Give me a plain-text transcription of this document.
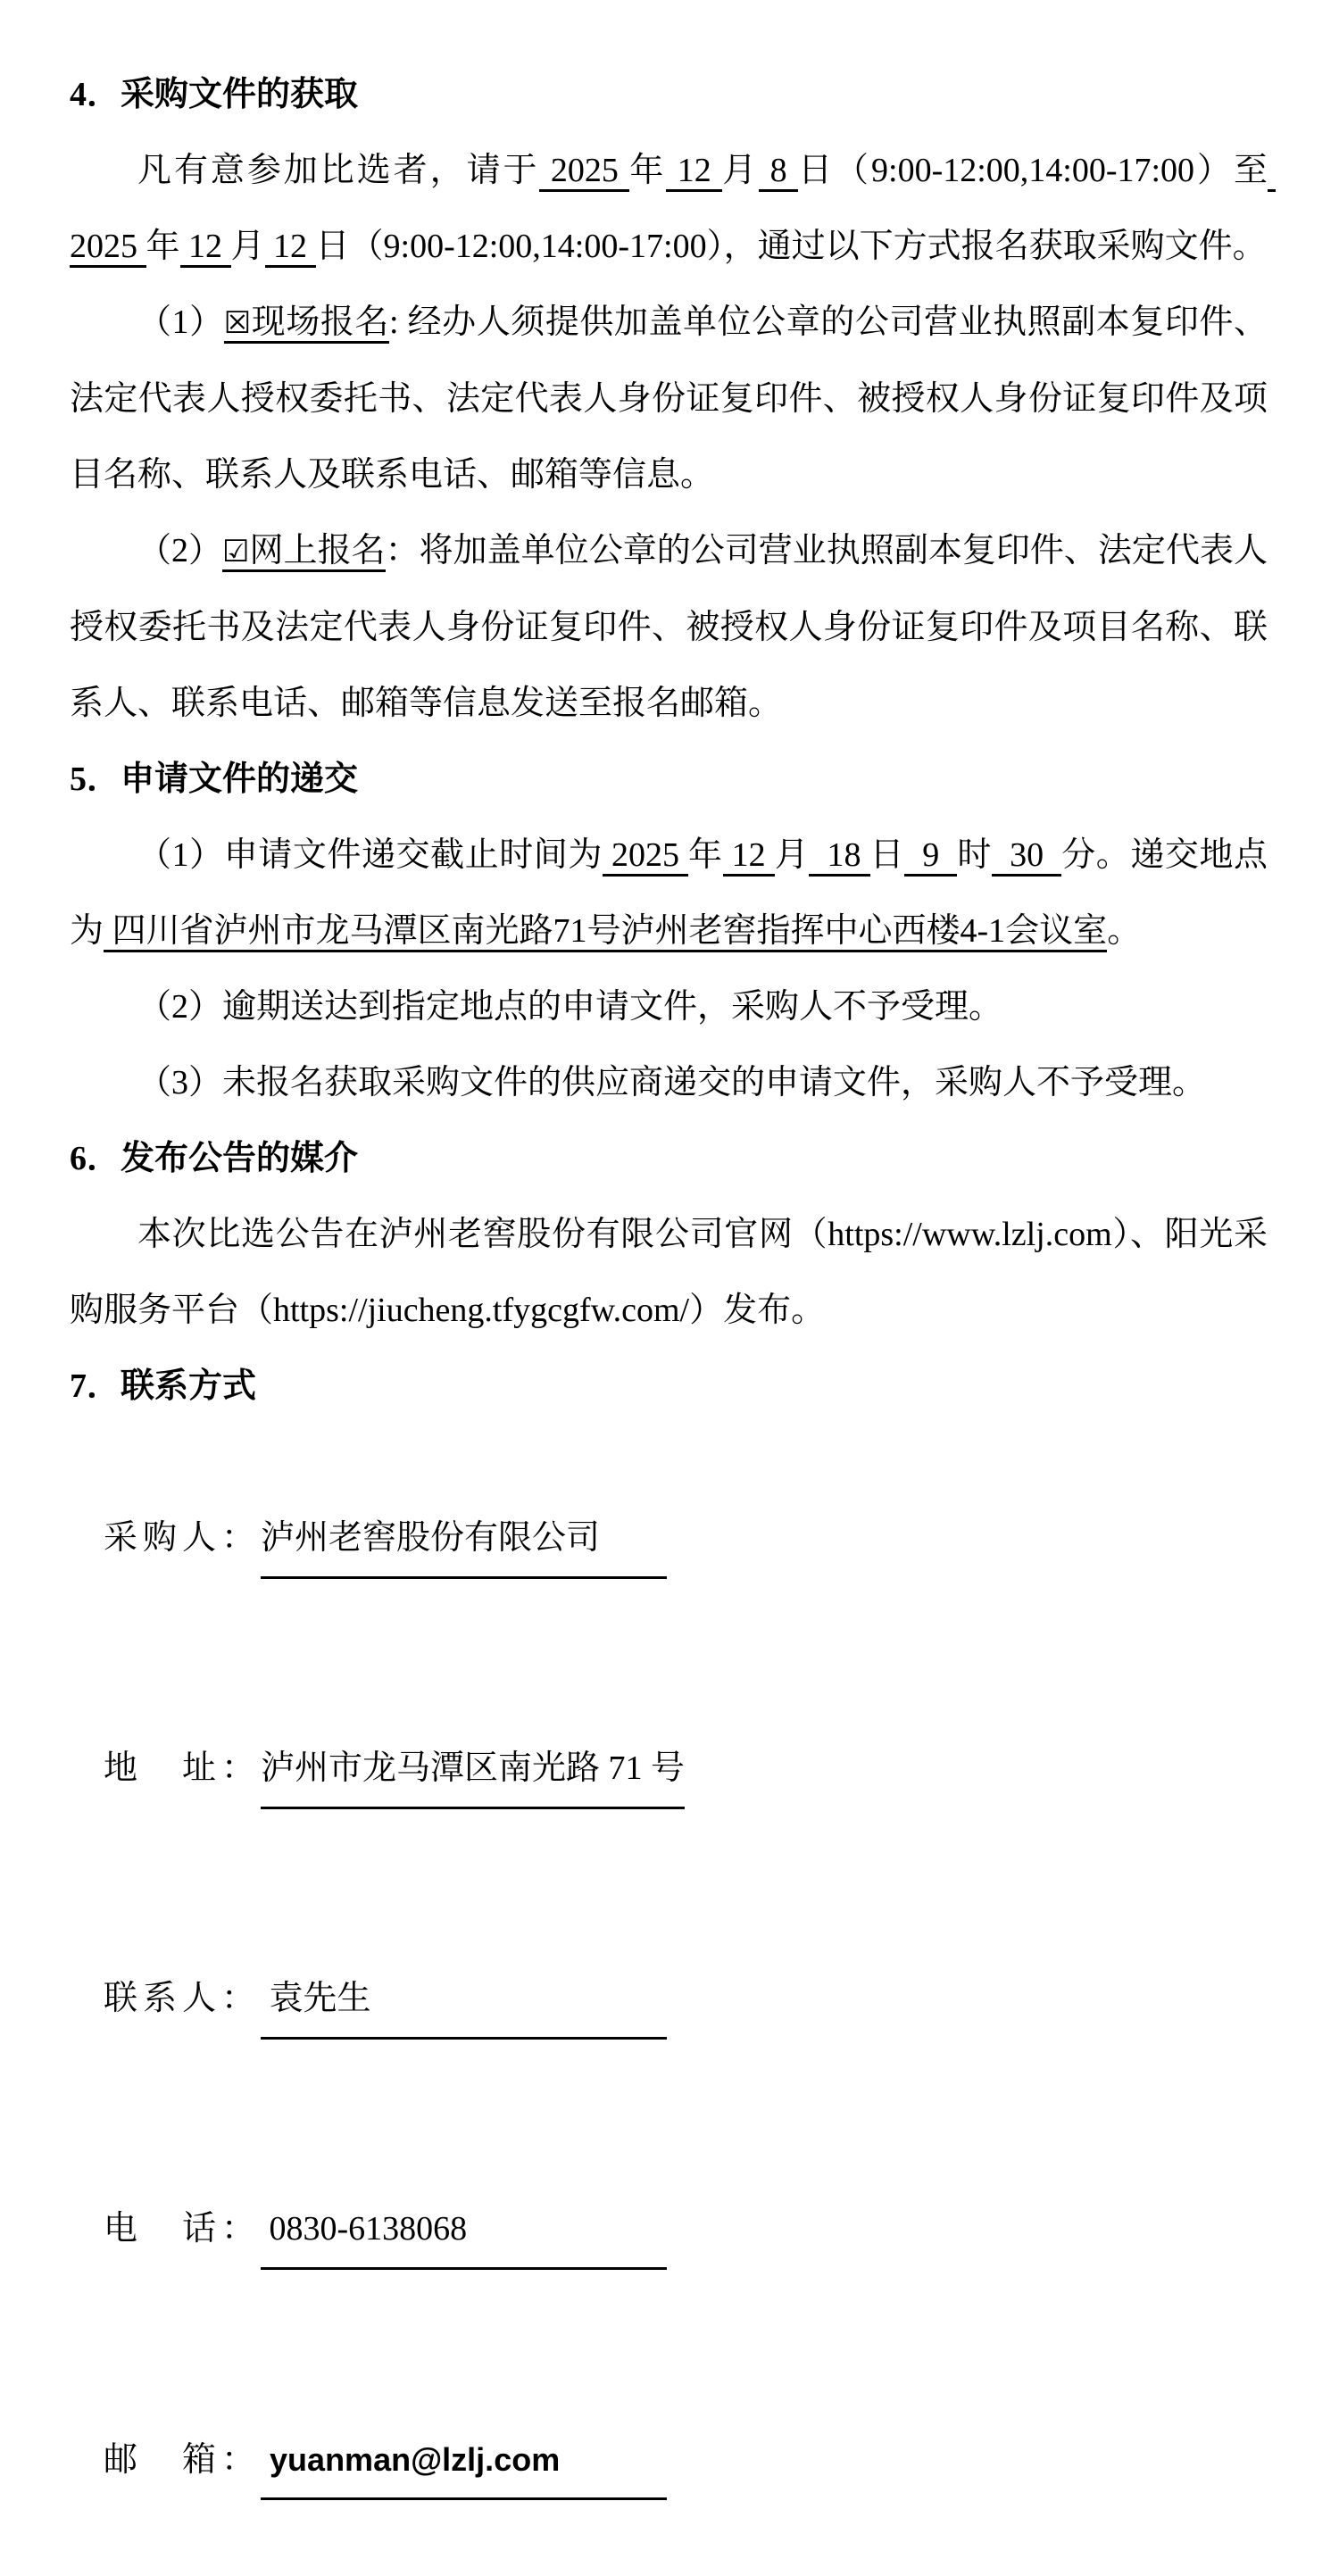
4．采购文件的获取

凡有意参加比选者，请于 2025 年 12 月 8 日（9:00-12:00,14:00-17:00）至 2025 年 12 月 12 日（9:00-12:00,14:00-17:00），通过以下方式报名获取采购文件。

（1）☒现场报名: 经办人须提供加盖单位公章的公司营业执照副本复印件、法定代表人授权委托书、法定代表人身份证复印件、被授权人身份证复印件及项目名称、联系人及联系电话、邮箱等信息。

（2）☑网上报名：将加盖单位公章的公司营业执照副本复印件、法定代表人授权委托书及法定代表人身份证复印件、被授权人身份证复印件及项目名称、联系人、联系电话、邮箱等信息发送至报名邮箱。

5．申请文件的递交

（1）申请文件递交截止时间为 2025 年 12 月  18 日  9  时  30  分。递交地点为 四川省泸州市龙马潭区南光路71号泸州老窖指挥中心西楼4-1会议室。

（2）逾期送达到指定地点的申请文件，采购人不予受理。

（3）未报名获取采购文件的供应商递交的申请文件，采购人不予受理。

6．发布公告的媒介

本次比选公告在泸州老窖股份有限公司官网（https://www.lzlj.com）、阳光采购服务平台（https://jiucheng.tfygcgfw.com/）发布。

7．联系方式

采购人：泸州老窖股份有限公司

地　址：泸州市龙马潭区南光路 71 号

联系人： 袁先生

电　话： 0830-6138068

邮　箱： yuanman@lzlj.com
